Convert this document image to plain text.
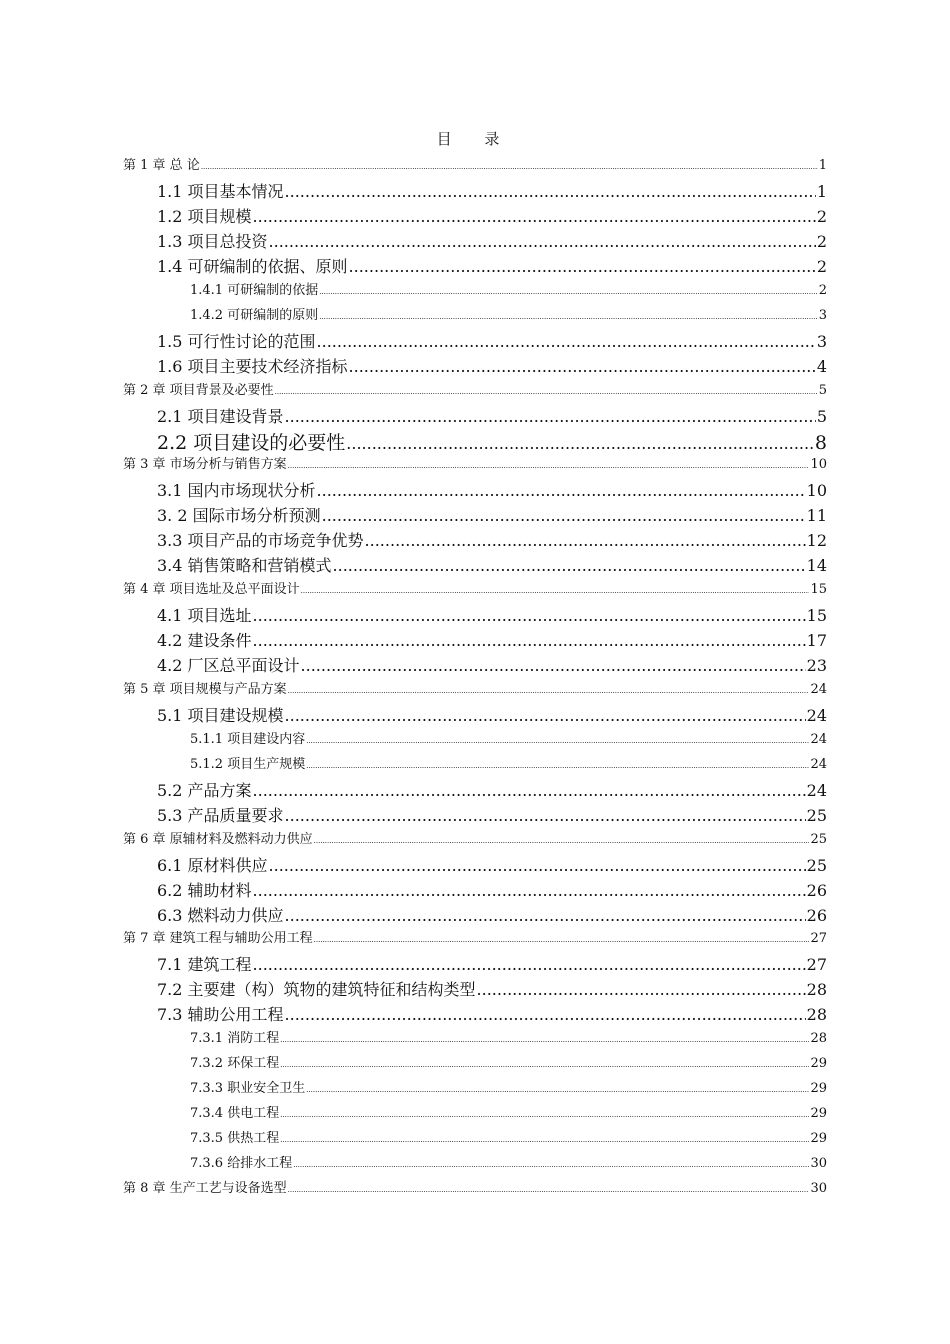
目 录
第 1 章 总 论 .....	1
1.1 项目基本情况 .....	1
1.2 项目规模 .....	2
1.3 项目总投资 .....	2
1.4 可研编制的依据、原则 .....	2
1.4.1 可研编制的依据 .....	2
1.4.2 可研编制的原则 .....	3
1.5 可行性讨论的范围 .....	3
1.6 项目主要技术经济指标 .....	4
第 2 章 项目背景及必要性 .....	5
2.1 项目建设背景 .....	5
2.2 项目建设的必要性 .....	8
第 3 章 市场分析与销售方案 .....	10
3.1 国内市场现状分析 .....	10
3. 2 国际市场分析预测 .....	11
3.3 项目产品的市场竞争优势 .....	12
3.4 销售策略和营销模式 .....	14
第 4 章 项目选址及总平面设计 .....	15
4.1 项目选址 .....	15
4.2 建设条件 .....	17
4.2 厂区总平面设计 .....	23
第 5 章 项目规模与产品方案 .....	24
5.1 项目建设规模 .....	24
5.1.1 项目建设内容 .....	24
5.1.2 项目生产规模 .....	24
5.2 产品方案 .....	24
5.3 产品质量要求 .....	25
第 6 章 原辅材料及燃料动力供应 .....	25
6.1 原材料供应 .....	25
6.2 辅助材料 .....	26
6.3 燃料动力供应 .....	26
第 7 章 建筑工程与辅助公用工程 .....	27
7.1 建筑工程 .....	27
7.2 主要建（构）筑物的建筑特征和结构类型 .....	28
7.3 辅助公用工程 .....	28
7.3.1 消防工程 .....	28
7.3.2 环保工程 .....	29
7.3.3 职业安全卫生 .....	29
7.3.4 供电工程 .....	29
7.3.5 供热工程 .....	29
7.3.6 给排水工程 .....	30
第 8 章 生产工艺与设备选型 .....	30
